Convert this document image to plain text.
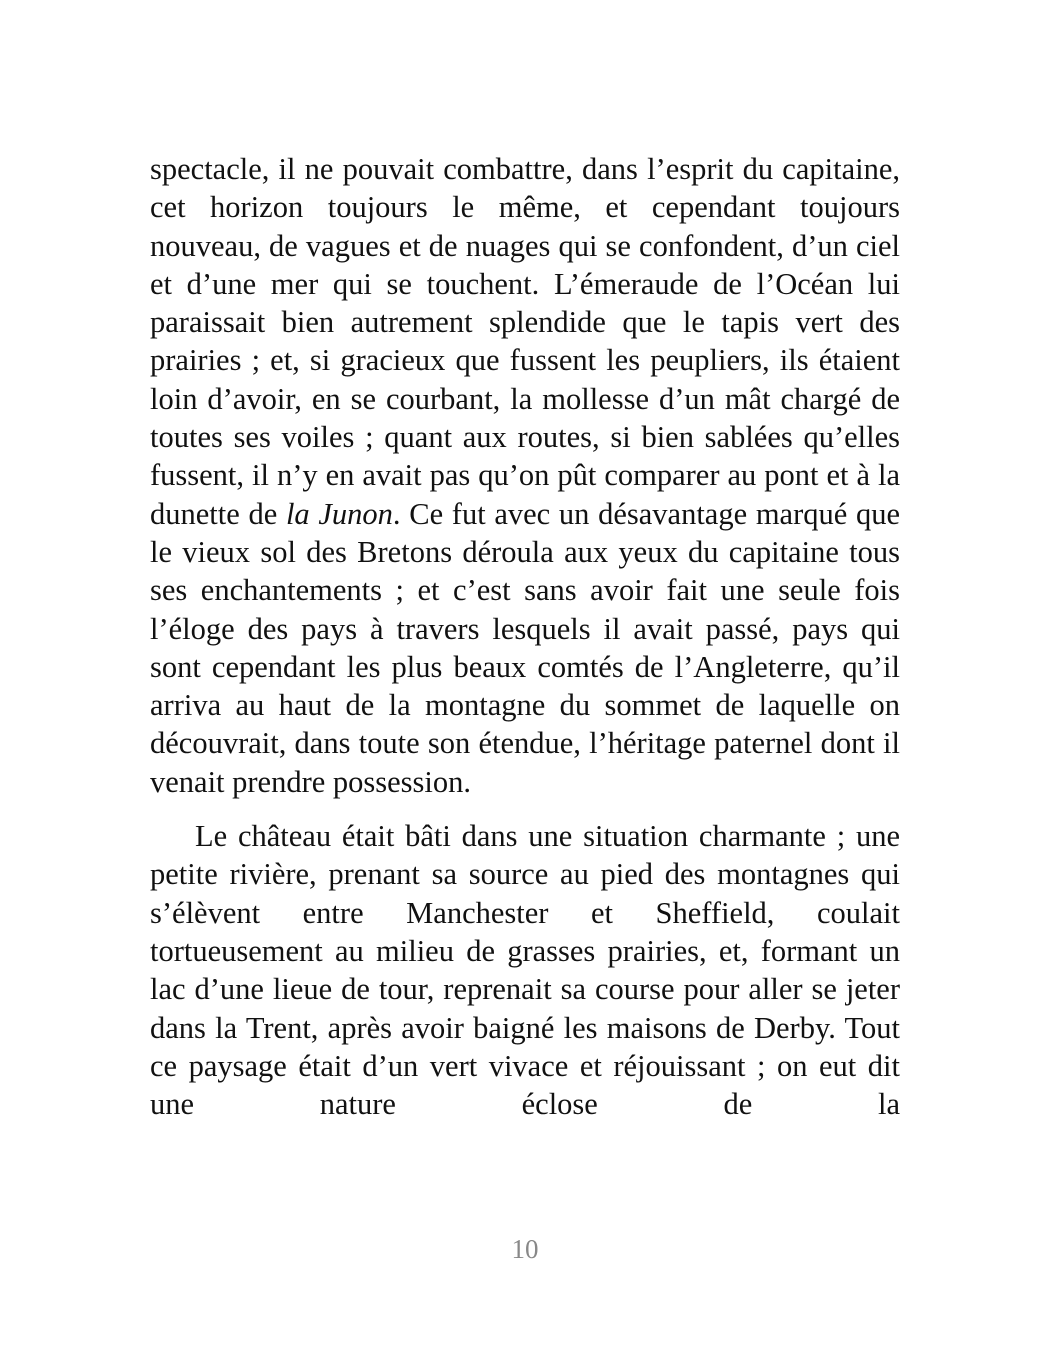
spectacle, il ne pouvait combattre, dans l’esprit du capitaine, cet horizon toujours le même, et cependant toujours nouveau, de vagues et de nuages qui se confondent, d’un ciel et d’une mer qui se touchent. L’émeraude de l’Océan lui paraissait bien autrement splendide que le tapis vert des prairies ; et, si gracieux que fussent les peupliers, ils étaient loin d’avoir, en se courbant, la mollesse d’un mât chargé de toutes ses voiles ; quant aux routes, si bien sablées qu’elles fussent, il n’y en avait pas qu’on pût comparer au pont et à la dunette de la Junon. Ce fut avec un désavantage marqué que le vieux sol des Bretons déroula aux yeux du capitaine tous ses enchantements ; et c’est sans avoir fait une seule fois l’éloge des pays à travers lesquels il avait passé, pays qui sont cependant les plus beaux comtés de l’Angleterre, qu’il arriva au haut de la montagne du sommet de laquelle on découvrait, dans toute son étendue, l’héritage paternel dont il venait prendre possession.

Le château était bâti dans une situation charmante ; une petite rivière, prenant sa source au pied des montagnes qui s’élèvent entre Manchester et Sheffield, coulait tortueusement au milieu de grasses prairies, et, formant un lac d’une lieue de tour, reprenait sa course pour aller se jeter dans la Trent, après avoir baigné les maisons de Derby. Tout ce paysage était d’un vert vivace et réjouissant ; on eut dit une nature éclose de la

10
